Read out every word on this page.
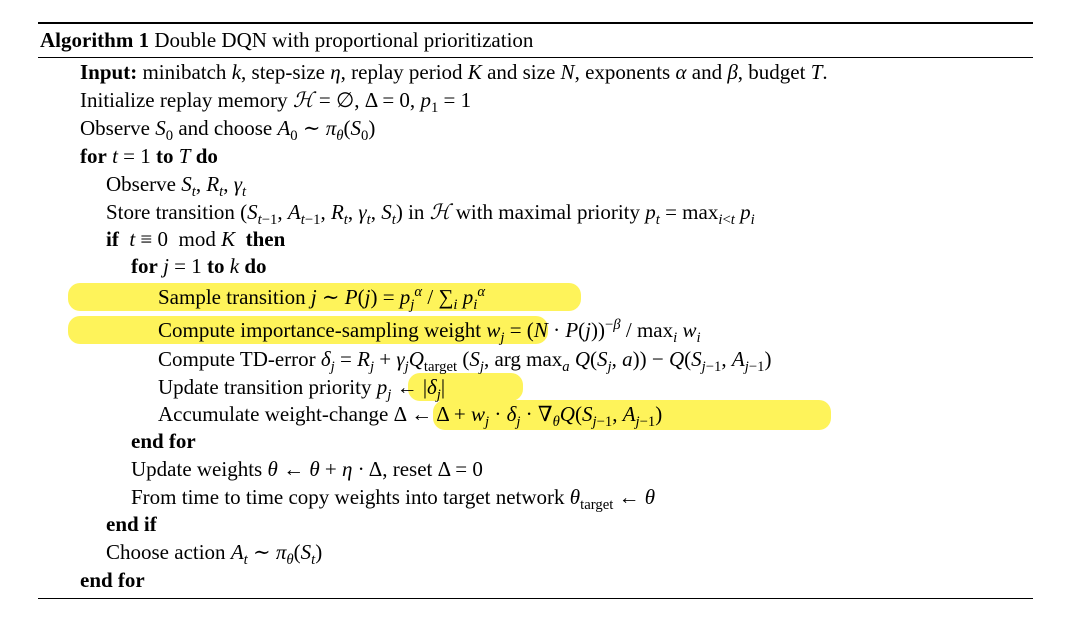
Algorithm 1 Double DQN with proportional prioritization
Input: minibatch k, step-size η, replay period K and size N, exponents α and β, budget T.
Initialize replay memory ℋ = ∅, Δ = 0, $p_1 = 1$
Observe $S_0$ and choose $A_0$ ∼ $\pi_\theta(S_0)$
for t = 1 to T do
Observe $S_t$, $R_t$, $\gamma_t$
Store transition ($S_{t-1}$, $A_{t-1}$, $R_t$, $\gamma_t$, $S_t$) in ℋ with maximal priority $p_t = \max_{i<t} p_i$
if t ≡ 0  mod K then
for j = 1 to k do
Sample transition j ∼ $P(j) = p_j^\alpha / \sum_i$ $p_i^\alpha$
Compute importance-sampling weight $w_j = (N \cdot P(j))^{-\beta} / \max_i w_i$
Compute TD-error $\delta_j = R_j + \gamma_jQ_{target}$ ($S_j$, arg $\max_a Q(S_j$, $a)) - Q(S_{j-1}$, $A_{j-1}$)
Update transition priority $p_j$ ← $|\delta_j|$
Accumulate weight-change Δ ← $\Delta + w_j \cdot \delta_j \cdot \nabla_\theta Q(S_{j-1}$, $A_{j-1}$)
end for
Update weights θ ← θ + η · Δ, reset Δ = 0
From time to time copy weights into target network $\theta_{target}$ ← θ
end if
Choose action $A_t$ ∼ $\pi_\theta(S_t)$
end for
